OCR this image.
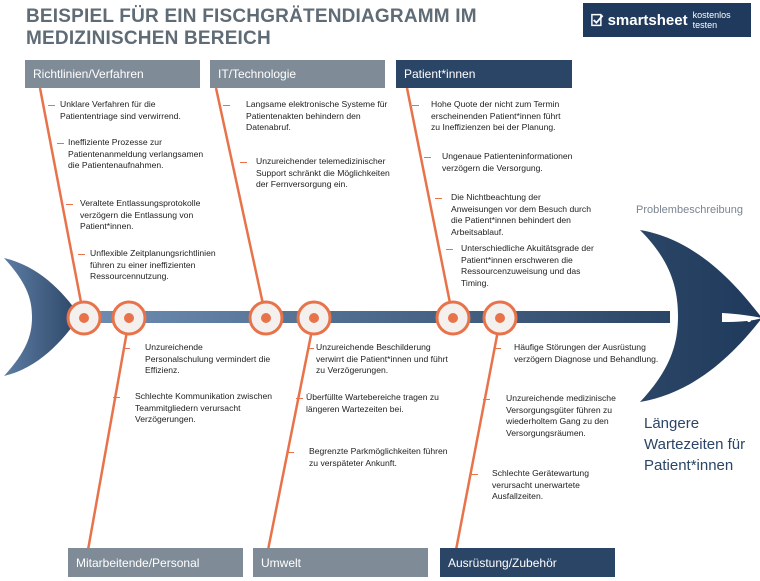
BEISPIEL FÜR EIN FISCHGRÄTENDIAGRAMM IM
MEDIZINISCHEN BEREICH
smartsheet kostenlos testen
Richtlinien/Verfahren	IT/Technologie	Patient*innen
Mitarbeitende/Personal	Umwelt	Ausrüstung/Zubehör
Unklare Verfahren für die
Patiententriage sind verwirrend.
Ineffiziente Prozesse zur
Patientenanmeldung verlangsamen
die Patientenaufnahmen.
Veraltete Entlassungsprotokolle
verzögern die Entlassung von
Patient*innen.
Unflexible Zeitplanungsrichtlinien
führen zu einer ineffizienten
Ressourcennutzung.
Langsame elektronische Systeme für
Patientenakten behindern den
Datenabruf.
Unzureichender telemedizinischer
Support schränkt die Möglichkeiten
der Fernversorgung ein.
Hohe Quote der nicht zum Termin
erscheinenden Patient*innen führt
zu Ineffizienzen bei der Planung.
Ungenaue Patienteninformationen
verzögern die Versorgung.
Die Nichtbeachtung der
Anweisungen vor dem Besuch durch
die Patient*innen behindert den
Arbeitsablauf.
Unterschiedliche Akuitätsgrade der
Patient*innen erschweren die
Ressourcenzuweisung und das
Timing.
Unzureichende
Personalschulung vermindert die
Effizienz.
Schlechte Kommunikation zwischen
Teammitgliedern verursacht
Verzögerungen.
Unzureichende Beschilderung
verwirrt die Patient*innen und führt
zu Verzögerungen.
Überfüllte Wartebereiche tragen zu
längeren Wartezeiten bei.
Begrenzte Parkmöglichkeiten führen
zu verspäteter Ankunft.
Häufige Störungen der Ausrüstung
verzögern Diagnose und Behandlung.
Unzureichende medizinische
Versorgungsgüter führen zu
wiederholtem Gang zu den
Versorgungsräumen.
Schlechte Gerätewartung
verursacht unerwartete
Ausfallzeiten.
Problembeschreibung
Längere
Wartezeiten für
Patient*innen
